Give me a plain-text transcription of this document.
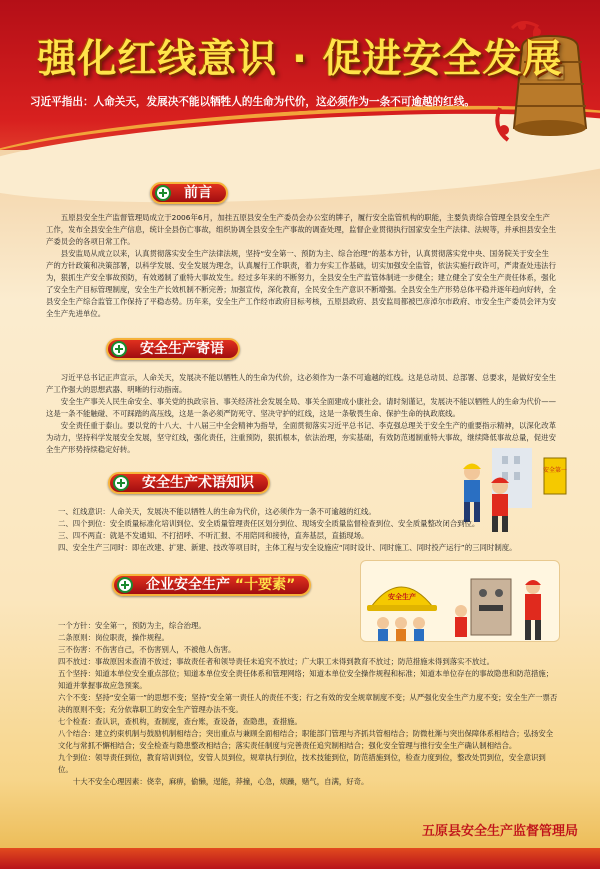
强化红线意识 · 促进安全发展
习近平指出：人命关天，发展决不能以牺牲人的生命为代价，这必须作为一条不可逾越的红线。
前言

五原县安全生产监督管理局成立于2006年6月，加挂五原县安全生产委员会办公室的牌子，履行安全监管机构的职能，主要负责综合管理全县安全生产工作，发布全县安全生产信息，统计全县伤亡事故，组织协调全县安全生产事故的调查处理，监督企业贯彻执行国家安全生产法律、法规等，并承担县安全生产委员会的各项日常工作。

县安监局从成立以来，认真贯彻落实安全生产法律法规，坚持“安全第一、预防为主、综合治理”的基本方针，认真贯彻落实党中央、国务院关于安全生产的方针政策和决策部署，以科学发展、安全发展为理念，认真履行工作职责，着力夯实工作基础，切实加强安全监管，依法实施行政许可，严肃查处违法行为，狠抓生产安全事故预防，有效遏制了重特大事故发生。经过多年来的不断努力，全县安全生产监管体制进一步健全；建立健全了安全生产责任体系，强化了安全生产目标管理制度，安全生产长效机制不断完善；加强宣传，深化教育，全民安全生产意识不断增强。全县安全生产形势总体平稳并逐年趋向好转，全县安全生产综合监管工作保持了平稳态势。历年来，安全生产工作经市政府目标考核，五原县政府、县安监局都被巴彦淖尔市政府、市安全生产委员会评为安全生产先进单位。

安全生产寄语

习近平总书记正声宣示，人命关天，发展决不能以牺牲人的生命为代价，这必须作为一条不可逾越的红线。这是总动员、总部署、总要求，是做好安全生产工作强大的思想武器、明晰的行动指南。

安全生产事关人民生命安全、事关党的执政宗旨、事关经济社会发展全局、事关全面建成小康社会。请时刻谨记，发展决不能以牺牲人的生命为代价——这是一条不能触碰、不可踩踏的高压线，这是一条必须严防死守、坚决守护的红线，这是一条敬畏生命、保护生命的执政底线。

安全责任重于泰山。要以党的十八大、十八届三中全会精神为指导，全面贯彻落实习近平总书记、李克强总理关于安全生产的重要指示精神，以深化改革为动力，坚持科学发展安全发展，坚守红线，强化责任，注重预防，狠抓根本，依法治理，夯实基础，有效防范遏制重特大事故，继续降低事故总量，促进安全生产形势持续稳定好转。

安全第一
安全生产术语知识

一、红线意识：人命关天，发展决不能以牺牲人的生命为代价，这必须作为一条不可逾越的红线。

二、四个到位：安全质量标准化培训到位、安全质量管理责任区划分到位、现场安全质量监督检查到位、安全质量整改闭合到位。

三、四不两直：就是不发通知、不打招呼、不听汇报、不用陪同和接待，直奔基层，直插现场。

四、安全生产三同时：即在改建、扩建、新建、技改等项目时，主体工程与安全设施应“同时设计、同时施工、同时投产运行”的三同时制度。

企业安全生产 “十要素”
安全生产

一个方针：安全第一，预防为主，综合治理。

二条原则：岗位职责，操作规程。

三不伤害：不伤害自己，不伤害别人，不被他人伤害。

四不放过：事故原因未查清不放过；事故责任者和领导责任未追究不放过；广大职工未得到教育不放过；防范措施未得到落实不放过。

五个坚持：知道本单位安全重点部位；知道本单位安全责任体系和管理网络；知道本单位安全操作规程和标准；知道本单位存在的事故隐患和防范措施；知道并掌握事故应急预案。

六个不变：坚持“安全第一”的思想不变；坚持“安全第一责任人的责任不变；行之有效的安全规章制度不变；从严强化安全生产力度不变；安全生产一票否决的原则不变；充分依靠职工的安全生产管理办法不变。

七个检查：查认识，查机构，查制度，查台账，查设备，查隐患，查措施。

八个结合：建立约束机制与鼓励机制相结合；突出重点与兼顾全面相结合；职能部门管理与齐抓共管相结合；防微杜渐与突出保障体系相结合；弘扬安全文化与常抓不懈相结合；安全检查与隐患整改相结合；落实责任制度与完善责任追究制相结合；强化安全管理与推行安全生产确认制相结合。

九个到位：领导责任到位，教育培训到位，安管人员到位，规章执行到位，技术技能到位，防范措施到位，检查力度到位，整改处罚到位，安全意识到位。

十大不安全心理因素：侥幸，麻痹，偷懒，逞能，莽撞，心急，烦躁，赌气，自满，好奇。

五原县安全生产监督管理局
